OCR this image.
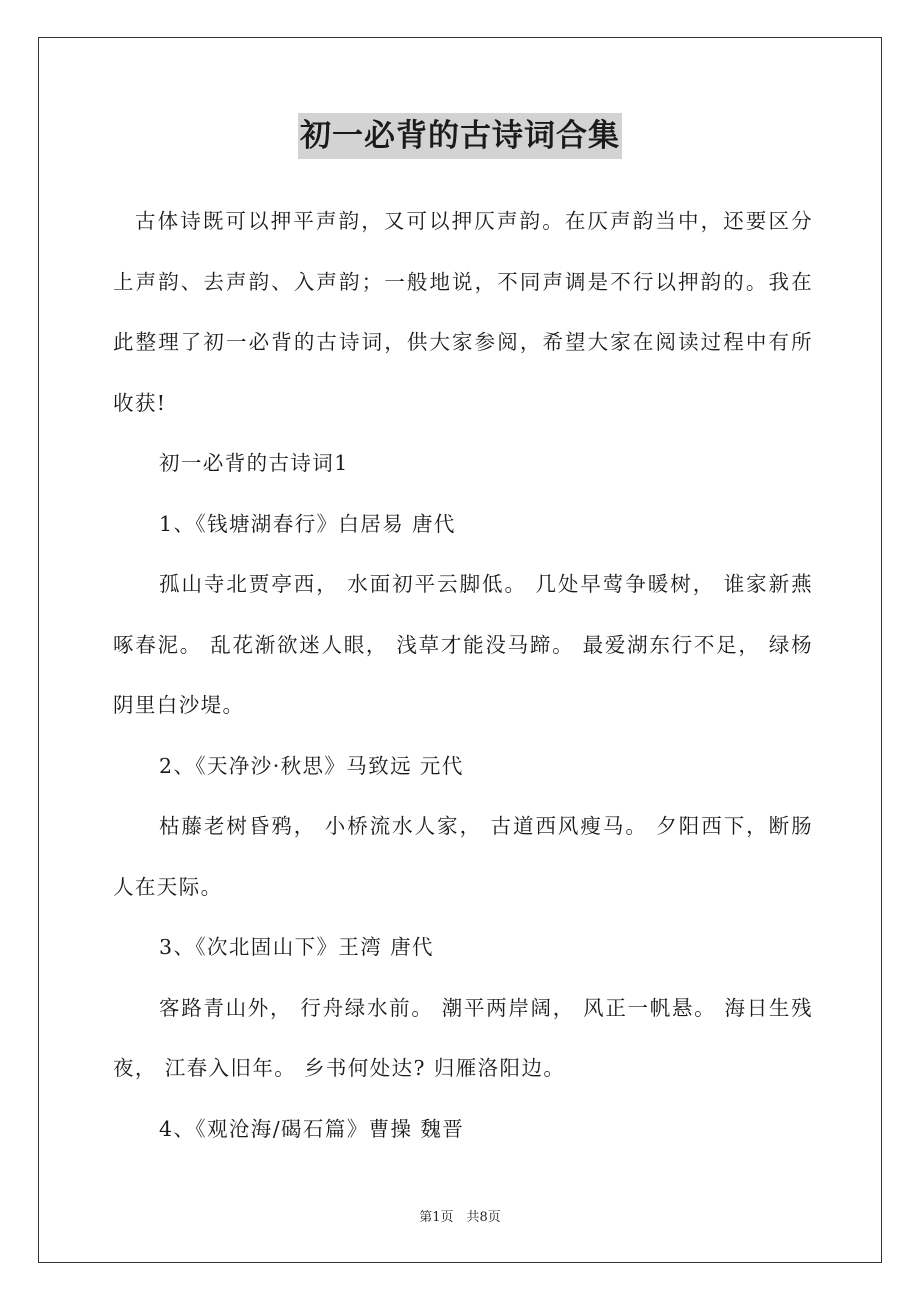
初一必背的古诗词合集

古体诗既可以押平声韵，又可以押仄声韵。在仄声韵当中，还要区分上声韵、去声韵、入声韵；一般地说，不同声调是不行以押韵的。我在此整理了初一必背的古诗词，供大家参阅，希望大家在阅读过程中有所收获!

初一必背的古诗词1

1、《钱塘湖春行》白居易 唐代

孤山寺北贾亭西， 水面初平云脚低。 几处早莺争暖树， 谁家新燕啄春泥。 乱花渐欲迷人眼， 浅草才能没马蹄。 最爱湖东行不足， 绿杨阴里白沙堤。

2、《天净沙·秋思》马致远 元代

枯藤老树昏鸦， 小桥流水人家， 古道西风瘦马。 夕阳西下，断肠人在天际。

3、《次北固山下》王湾 唐代

客路青山外， 行舟绿水前。 潮平两岸阔， 风正一帆悬。 海日生残夜， 江春入旧年。 乡书何处达? 归雁洛阳边。

4、《观沧海/碣石篇》曹操 魏晋

第1页　共8页
